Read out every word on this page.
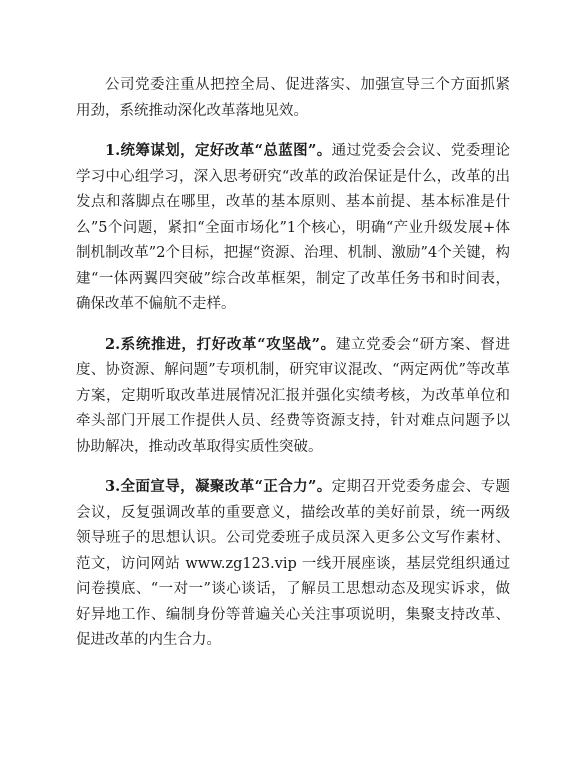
公司党委注重从把控全局、促进落实、加强宣导三个方面抓紧用劲，系统推动深化改革落地见效。

1.统筹谋划，定好改革“总蓝图”。通过党委会会议、党委理论学习中心组学习，深入思考研究“改革的政治保证是什么，改革的出发点和落脚点在哪里，改革的基本原则、基本前提、基本标准是什么”5个问题，紧扣“全面市场化”1个核心，明确“产业升级发展+体制机制改革”2个目标，把握“资源、治理、机制、激励”4个关键，构建“一体两翼四突破”综合改革框架，制定了改革任务书和时间表，确保改革不偏航不走样。

2.系统推进，打好改革“攻坚战”。建立党委会“研方案、督进度、协资源、解问题”专项机制，研究审议混改、“两定两优”等改革方案，定期听取改革进展情况汇报并强化实绩考核，为改革单位和牵头部门开展工作提供人员、经费等资源支持，针对难点问题予以协助解决，推动改革取得实质性突破。

3.全面宣导，凝聚改革“正合力”。定期召开党委务虚会、专题会议，反复强调改革的重要意义，描绘改革的美好前景，统一两级领导班子的思想认识。公司党委班子成员深入更多公文写作素材、范文，访问网站 www.zg123.vip 一线开展座谈，基层党组织通过问卷摸底、“一对一”谈心谈话，了解员工思想动态及现实诉求，做好异地工作、编制身份等普遍关心关注事项说明，集聚支持改革、促进改革的内生合力。
